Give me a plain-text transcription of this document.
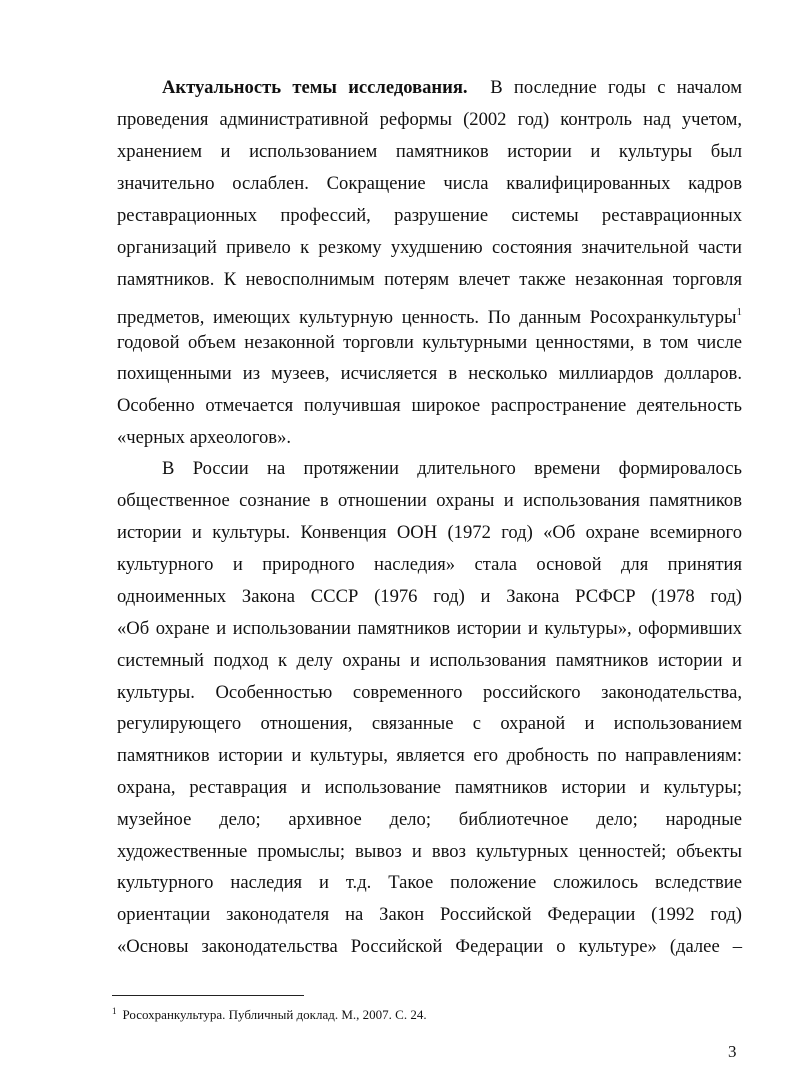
Актуальность темы исследования. В последние годы с началом
проведения административной реформы (2002 год) контроль над учетом,
хранением и использованием памятников истории и культуры был
значительно ослаблен. Сокращение числа квалифицированных кадров
реставрационных профессий, разрушение системы реставрационных
организаций привело к резкому ухудшению состояния значительной части
памятников. К невосполнимым потерям влечет также незаконная торговля
предметов, имеющих культурную ценность. По данным Росохранкультуры$^1$
годовой объем незаконной торговли культурными ценностями, в том числе
похищенными из музеев, исчисляется в несколько миллиардов долларов.
Особенно отмечается получившая широкое распространение деятельность
«черных археологов».
В России на протяжении длительного времени формировалось
общественное сознание в отношении охраны и использования памятников
истории и культуры. Конвенция ООН (1972 год) «Об охране всемирного
культурного и природного наследия» стала основой для принятия
одноименных Закона СССР (1976 год) и Закона РСФСР (1978 год)
«Об охране и использовании памятников истории и культуры», оформивших
системный подход к делу охраны и использования памятников истории и
культуры. Особенностью современного российского законодательства,
регулирующего отношения, связанные с охраной и использованием
памятников истории и культуры, является его дробность по направлениям:
охрана, реставрация и использование памятников истории и культуры;
музейное дело; архивное дело; библиотечное дело; народные
художественные промыслы; вывоз и ввоз культурных ценностей; объекты
культурного наследия и т.д. Такое положение сложилось вследствие
ориентации законодателя на Закон Российской Федерации (1992 год)
«Основы законодательства Российской Федерации о культуре» (далее –
$^1$ Росохранкультура. Публичный доклад. М., 2007. С. 24.
3
